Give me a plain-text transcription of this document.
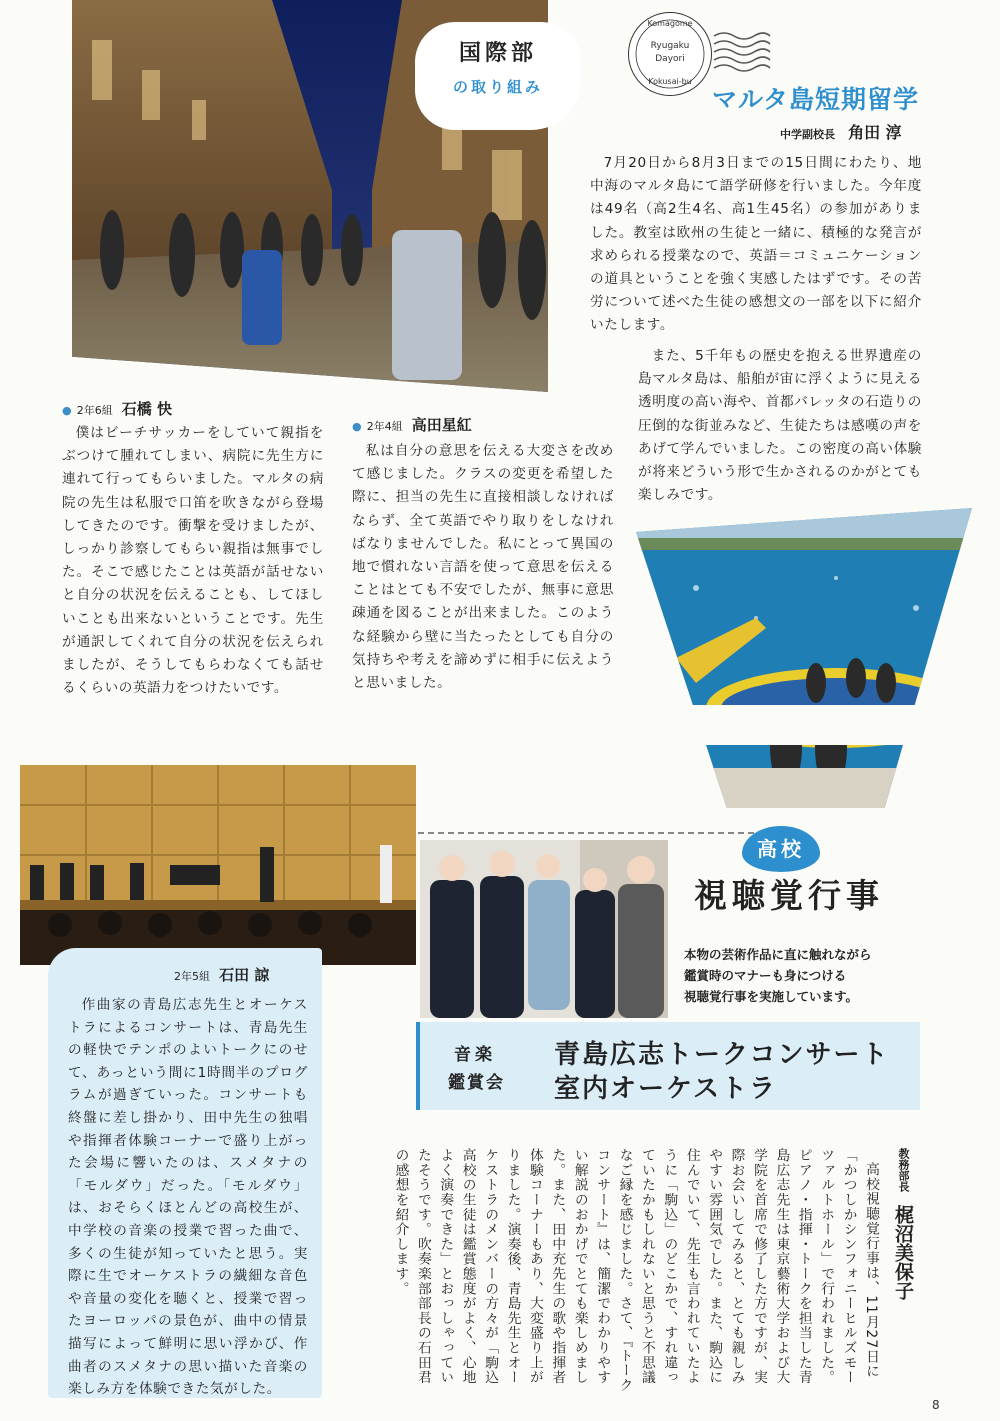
国際部
の取り組み
Komagome
Ryugaku
Dayori
Kokusai-bu
マルタ島短期留学
中学副校長 角田 淳
7月20日から8月3日までの15日間にわたり、地中海のマルタ島にて語学研修を行いました。今年度は49名（高2生4名、高1生45名）の参加がありました。教室は欧州の生徒と一緒に、積極的な発言が求められる授業なので、英語＝コミュニケーションの道具ということを強く実感したはずです。その苦労について述べた生徒の感想文の一部を以下に紹介いたします。
また、5千年もの歴史を抱える世界遺産の島マルタ島は、船舶が宙に浮くように見える透明度の高い海や、首都バレッタの石造りの圧倒的な街並みなど、生徒たちは感嘆の声をあげて学んでいました。この密度の高い体験が将来どういう形で生かされるのかがとても楽しみです。
● 2年6組 石橋 快
僕はビーチサッカーをしていて親指をぶつけて腫れてしまい、病院に先生方に連れて行ってもらいました。マルタの病院の先生は私服で口笛を吹きながら登場してきたのです。衝撃を受けましたが、しっかり診察してもらい親指は無事でした。そこで感じたことは英語が話せないと自分の状況を伝えることも、してほしいことも出来ないということです。先生が通訳してくれて自分の状況を伝えられましたが、そうしてもらわなくても話せるくらいの英語力をつけたいです。
● 2年4組 高田星紅
私は自分の意思を伝える大変さを改めて感じました。クラスの変更を希望した際に、担当の先生に直接相談しなければならず、全て英語でやり取りをしなければなりませんでした。私にとって異国の地で慣れない言語を使って意思を伝えることはとても不安でしたが、無事に意思疎通を図ることが出来ました。このような経験から壁に当たったとしても自分の気持ちや考えを諦めずに相手に伝えようと思いました。
高校
視聴覚行事
本物の芸術作品に直に触れながら
鑑賞時のマナーも身につける
視聴覚行事を実施しています。
音楽
鑑賞会
青島広志トークコンサート
室内オーケストラ
2年5組 石田 諒
作曲家の青島広志先生とオーケストラによるコンサートは、青島先生の軽快でテンポのよいトークにのせて、あっという間に1時間半のプログラムが過ぎていった。コンサートも終盤に差し掛かり、田中先生の独唱や指揮者体験コーナーで盛り上がった会場に響いたのは、スメタナの「モルダウ」だった。「モルダウ」は、おそらくほとんどの高校生が、中学校の音楽の授業で習った曲で、多くの生徒が知っていたと思う。実際に生でオーケストラの繊細な音色や音量の変化を聴くと、授業で習ったヨーロッパの景色が、曲中の情景描写によって鮮明に思い浮かび、作曲者のスメタナの思い描いた音楽の楽しみ方を体験できた気がした。
教務部長 梶沼美保子
高校視聴覚行事は、11月27日に「かつしかシンフォニーヒルズモーツァルトホール」で行われました。ピアノ・指揮・トークを担当した青島広志先生は東京藝術大学および大学院を首席で修了した方ですが、実際お会いしてみると、とても親しみやすい雰囲気でした。また、駒込に住んでいて、先生も言われていたように「駒込」のどこかで、すれ違っていたかもしれないと思うと不思議なご縁を感じました。さて、『トークコンサート』は、簡潔でわかりやすい解説のおかげでとても楽しめました。また、田中充先生の歌や指揮者体験コーナーもあり、大変盛り上がりました。演奏後、青島先生とオーケストラのメンバーの方々が「駒込高校の生徒は鑑賞態度がよく、心地よく演奏できた」とおっしゃっていたそうです。吹奏楽部部長の石田君の感想を紹介します。
8
